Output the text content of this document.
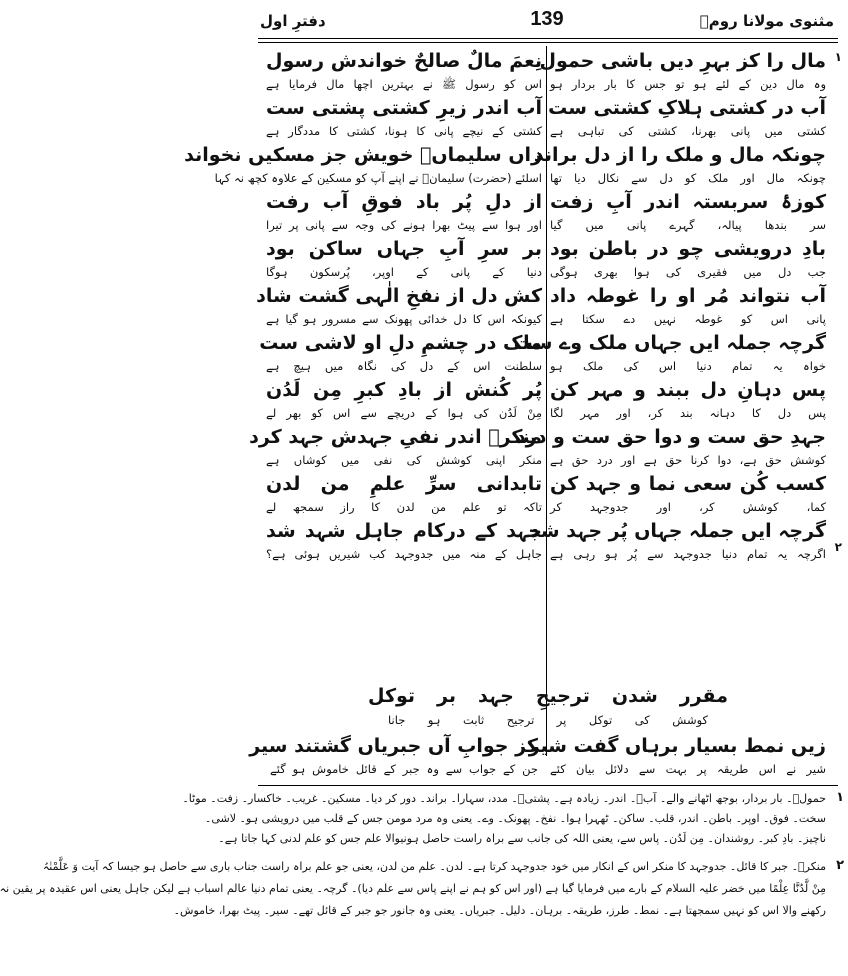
مثنوی مولانا رومؒ
139
دفترِ اول
۱
۲
مال را کز بہرِ دیں باشی حمول
وہ مال دین کے لئے ہو تو جس کا بار بردار ہو
آب در کشتی ہلاکِ کشتی ست
کشتی میں پانی بھرنا، کشتی کی تباہی ہے
چونکہ مال و ملک را از دل براند
چونکہ مال اور ملک کو دل سے نکال دیا تھا
کوزۂ سربستہ اندر آبِ زفت
سر بندھا پیالہ، گہرے پانی میں گیا
بادِ درویشی چو در باطن بود
جب دل میں فقیری کی ہوا بھری ہوگی
آب نتواند مُر او را غوطہ داد
پانی اس کو غوطہ نہیں دے سکتا ہے
گرچہ جملہ ایں جہاں ملک وے ست
خواہ یہ تمام دنیا اس کی ملک ہو
پس دہانِ دل ببند و مہر کن
پس دل کا دہانہ بند کر، اور مہر لگا
جہدِ حق ست و دوا حق ست و درد
کوشش حق ہے، دوا کرنا حق ہے اور درد حق ہے
کسب کُن سعی نما و جہد کن
کما، کوشش کر، اور جدوجہد کر
گرچہ ایں جملہ جہاں پُر جہد شد
اگرچہ یہ تمام دنیا جدوجہد سے پُر ہو رہی ہے
نِعمَ مالٌ صالحٌ خواندش رسول
اس کو رسول ﷺ نے بہترین اچھا مال فرمایا ہے
آب اندر زیرِ کشتی پشتی ست
کشتی کے نیچے پانی کا ہونا، کشتی کا مددگار ہے
زاں سلیماںؑ خویش جز مسکیں نخواند
اسلئے (حضرت) سلیمانؑ نے اپنے آپ کو مسکین کے علاوہ کچھ نہ کہا
از دلِ پُر باد فوقِ آب رفت
اور ہوا سے پیٹ بھرا ہونے کی وجہ سے پانی پر تیرا
بر سرِ آبِ جہاں ساکن بود
دنیا کے پانی کے اوپر، پُرسکون ہوگا
کش دل از نفخِ الٰہی گشت شاد
کیونکہ اس کا دل خدائی پھونک سے مسرور ہو گیا ہے
ملک در چشمِ دلِ او لاشی ست
سلطنت اس کے دل کی نگاہ میں ہیچ ہے
پُر کُنش از بادِ کبرِ مِن لَدُن
مِنْ لَدُن کی ہوا کے دریچے سے اس کو بھر لے
منکرؔ اندر نفیِ جہدش جہد کرد
منکر اپنی کوشش کی نفی میں کوشاں ہے
تابدانی سرِّ علمِ من لدن
تاکہ تو علم من لدن کا راز سمجھ لے
جہد کے درکام جاہل شہد شد
جاہل کے منہ میں جدوجہد کب شیریں ہوئی ہے؟
مقرر شدن ترجیحِ جہد بر توکل
کوشش کی توکل پر ترجیح ثابت ہو جانا
زیں نمط بسیار برہاں گفت شیر
شیر نے اس طریقہ پر بہت سے دلائل بیان کئے
کز جوابِ آں جبریاں گشتند سیر
جن کے جواب سے وہ جبر کے قائل خاموش ہو گئے
۱
حمولؔ۔ بار بردار، بوجھ اٹھانے والے۔ آبؔ۔ اندر۔ زیادہ ہے۔ پشتیؔ۔ مدد، سہارا۔ براند۔ دور کر دیا۔ مسکین۔ غریب۔ خاکسار۔ زفت۔ موٹا۔
سخت۔ فوق۔ اوپر۔ باطن۔ اندر، قلب۔ ساکن۔ ٹھہرا ہوا۔ نفخ۔ پھونک۔ وے۔ یعنی وہ مرد مومن جس کے قلب میں درویشی ہو۔ لاشی۔
ناچیز۔ بادِ کبر۔ روشندان۔ مِن لَدُن۔ پاس سے، یعنی اللہ کی جانب سے براہ راست حاصل ہونیوالا علم جس کو علم لدنی کہا جاتا ہے۔
۲
منکرؔ۔ جبر کا قائل۔ جدوجہد کا منکر اس کے انکار میں خود جدوجہد کرتا ہے۔ لدن۔ علم من لدن، یعنی جو علم براہ راست جناب باری سے حاصل ہو جیسا کہ آیت وَ عَلَّمْنٰہُ
مِنْ لَّدُنَّا عِلْمًا میں خضر علیہ السلام کے بارے میں فرمایا گیا ہے (اور اس کو ہم نے اپنے پاس سے علم دیا)۔ گرچہ۔ یعنی تمام دنیا عالم اسباب ہے لیکن جاہل یعنی اس عقیدہ پر یقین نہ
رکھنے والا اس کو نہیں سمجھتا ہے۔ نمط۔ طرز، طریقہ۔ برہان۔ دلیل۔ جبریاں۔ یعنی وہ جانور جو جبر کے قائل تھے۔ سیر۔ پیٹ بھرا، خاموش۔
